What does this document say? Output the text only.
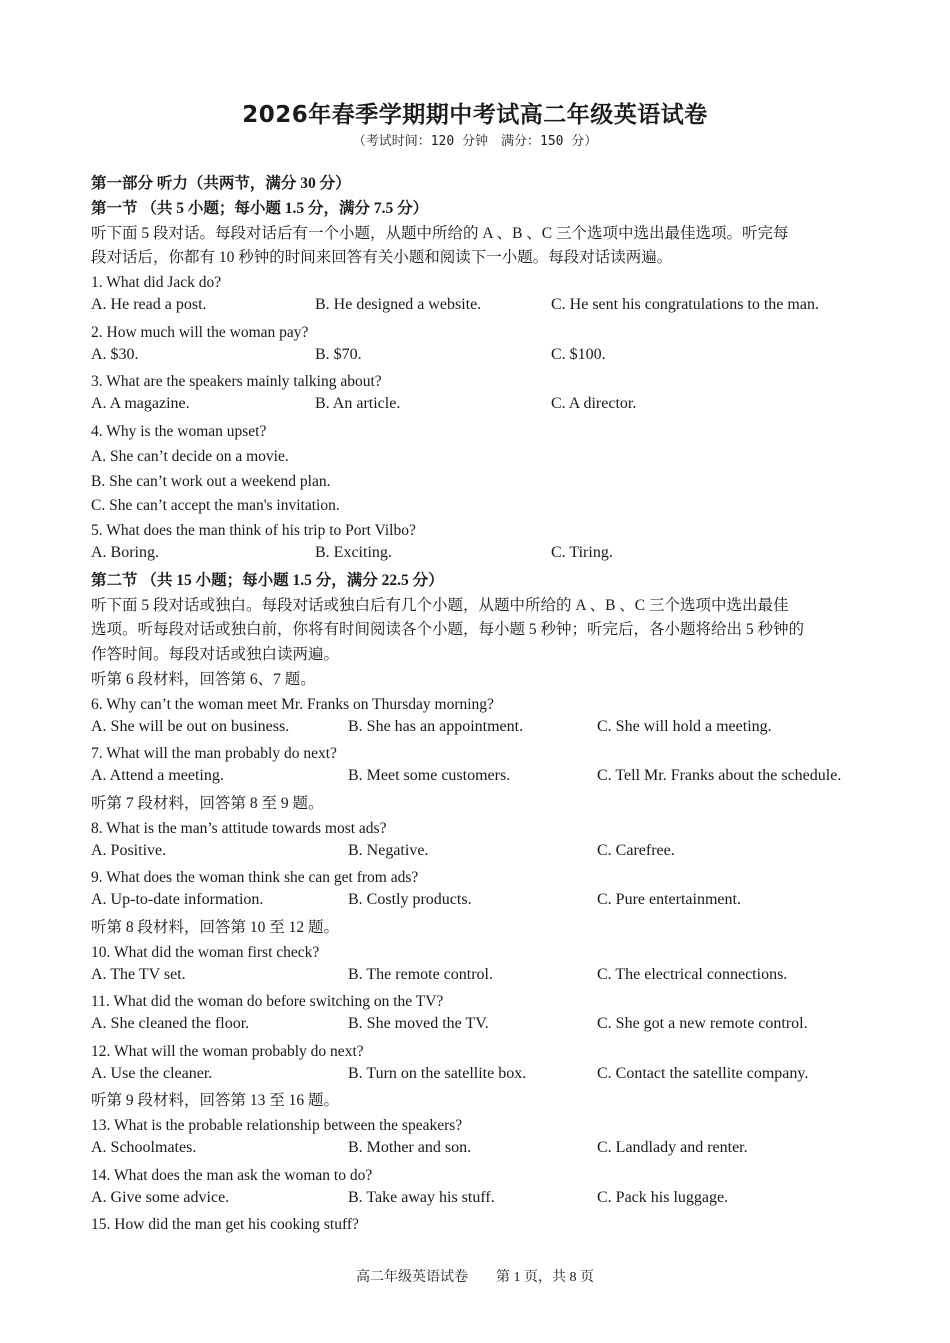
2026年春季学期期中考试高二年级英语试卷
（考试时间：120 分钟　满分：150 分）
第一部分 听力（共两节，满分 30 分）
第一节 （共 5 小题；每小题 1.5 分，满分 7.5 分）
听下面 5 段对话。每段对话后有一个小题，从题中所给的 A 、B 、C 三个选项中选出最佳选项。听完每
段对话后，你都有 10 秒钟的时间来回答有关小题和阅读下一小题。每段对话读两遍。
1. What did Jack do?
A. He read a post.	B. He designed a website.	C. He sent his congratulations to the man.
2. How much will the woman pay?
A. $30.	B. $70.	C. $100.
3. What are the speakers mainly talking about?
A. A magazine.	B. An article.	C. A director.
4. Why is the woman upset?
A. She can’t decide on a movie.
B. She can’t work out a weekend plan.
C. She can’t accept the man's invitation.
5. What does the man think of his trip to Port Vilbo?
A. Boring.	B. Exciting.	C. Tiring.
第二节 （共 15 小题；每小题 1.5 分，满分 22.5 分）
听下面 5 段对话或独白。每段对话或独白后有几个小题，从题中所给的 A 、B 、C 三个选项中选出最佳
选项。听每段对话或独白前，你将有时间阅读各个小题，每小题 5 秒钟；听完后，各小题将给出 5 秒钟的
作答时间。每段对话或独白读两遍。
听第 6 段材料，回答第 6、7 题。
6. Why can’t the woman meet Mr. Franks on Thursday morning?
A. She will be out on business.	B. She has an appointment.	C. She will hold a meeting.
7. What will the man probably do next?
A. Attend a meeting.	B. Meet some customers.	C. Tell Mr. Franks about the schedule.
听第 7 段材料，回答第 8 至 9 题。
8. What is the man’s attitude towards most ads?
A. Positive.	B. Negative.	C. Carefree.
9. What does the woman think she can get from ads?
A. Up-to-date information.	B. Costly products.	C. Pure entertainment.
听第 8 段材料，回答第 10 至 12 题。
10. What did the woman first check?
A. The TV set.	B. The remote control.	C. The electrical connections.
11. What did the woman do before switching on the TV?
A. She cleaned the floor.	B. She moved the TV.	C. She got a new remote control.
12. What will the woman probably do next?
A. Use the cleaner.	B. Turn on the satellite box.	C. Contact the satellite company.
听第 9 段材料，回答第 13 至 16 题。
13. What is the probable relationship between the speakers?
A. Schoolmates.	B. Mother and son.	C. Landlady and renter.
14. What does the man ask the woman to do?
A. Give some advice.	B. Take away his stuff.	C. Pack his luggage.
15. How did the man get his cooking stuff?
高二年级英语试卷　　第 1 页，共 8 页
